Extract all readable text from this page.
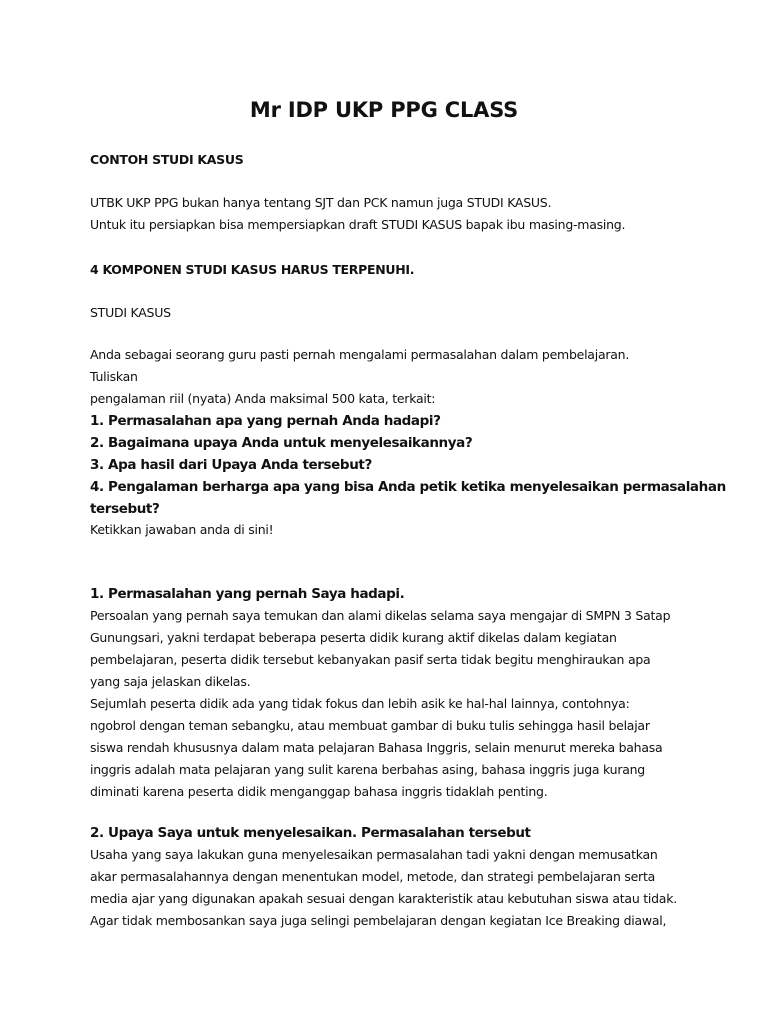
Mr IDP UKP PPG CLASS
CONTOH STUDI KASUS
UTBK UKP PPG bukan hanya tentang SJT dan PCK namun juga STUDI KASUS.
Untuk itu persiapkan bisa mempersiapkan draft STUDI KASUS bapak ibu masing-masing.
4 KOMPONEN STUDI KASUS HARUS TERPENUHI.
STUDI KASUS
Anda sebagai seorang guru pasti pernah mengalami permasalahan dalam pembelajaran.
Tuliskan
pengalaman riil (nyata) Anda maksimal 500 kata, terkait:
1. Permasalahan apa yang pernah Anda hadapi?
2. Bagaimana upaya Anda untuk menyelesaikannya?
3. Apa hasil dari Upaya Anda tersebut?
4. Pengalaman berharga apa yang bisa Anda petik ketika menyelesaikan permasalahan
tersebut?
Ketikkan jawaban anda di sini!
1. Permasalahan yang pernah Saya hadapi.
Persoalan yang pernah saya temukan dan alami dikelas selama saya mengajar di SMPN 3 Satap
Gunungsari, yakni terdapat beberapa peserta didik kurang aktif dikelas dalam kegiatan
pembelajaran, peserta didik tersebut kebanyakan pasif serta tidak begitu menghiraukan apa
yang saja jelaskan dikelas.
Sejumlah peserta didik ada yang tidak fokus dan lebih asik ke hal-hal lainnya, contohnya:
ngobrol dengan teman sebangku, atau membuat gambar di buku tulis sehingga hasil belajar
siswa rendah khususnya dalam mata pelajaran Bahasa Inggris, selain menurut mereka bahasa
inggris adalah mata pelajaran yang sulit karena berbahas asing, bahasa inggris juga kurang
diminati karena peserta didik menganggap bahasa inggris tidaklah penting.
2. Upaya Saya untuk menyelesaikan. Permasalahan tersebut
Usaha yang saya lakukan guna menyelesaikan permasalahan tadi yakni dengan memusatkan
akar permasalahannya dengan menentukan model, metode, dan strategi pembelajaran serta
media ajar yang digunakan apakah sesuai dengan karakteristik atau kebutuhan siswa atau tidak.
Agar tidak membosankan saya juga selingi pembelajaran dengan kegiatan Ice Breaking diawal,
